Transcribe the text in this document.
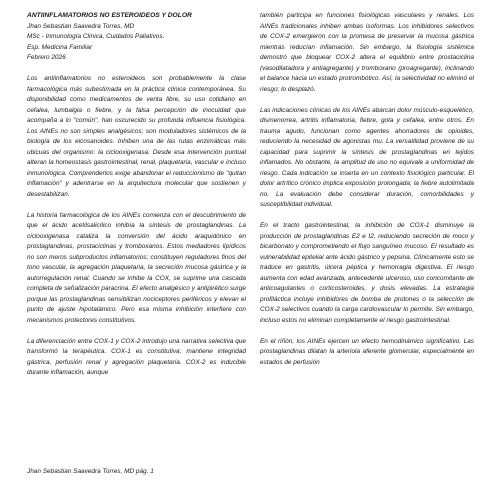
ANTIINFLAMATORIOS NO ESTEROIDEOS Y DOLOR

Jhan Sebastian Saavedra Torres, MD

MSc - Inmunología Clínica, Cuidados Paliativos.

Esp. Medicina Familiar

Febrero 2026

Los antiinflamatorios no esteroideos son probablemente la clase farmacológica más subestimada en la práctica clínica contemporánea. Su disponibilidad como medicamentos de venta libre, su uso cotidiano en cefalea, lumbalgia o fiebre, y la falsa percepción de inocuidad que acompaña a lo "común", han oscurecido su profunda influencia fisiológica. Los AINEs no son simples analgésicos; son moduladores sistémicos de la biología de los eicosanoides. Inhiben una de las rutas enzimáticas más ubicuas del organismo: la ciclooxigenasa. Desde esa intervención puntual alteran la homeostasis gastrointestinal, renal, plaquetaria, vascular e incluso inmunológica. Comprenderlos exige abandonar el reduccionismo de "quitan inflamación" y adentrarse en la arquitectura molecular que sostienen y desestabilizan.

La historia farmacológica de los AINEs comienza con el descubrimiento de que el ácido acetilsalicílico inhibía la síntesis de prostaglandinas. La ciclooxigenasa cataliza la conversión del ácido araquidónico en prostaglandinas, prostaciclinas y tromboxanos. Estos mediadores lipídicos no son meros subproductos inflamatorios; constituyen reguladores finos del tono vascular, la agregación plaquetaria, la secreción mucosa gástrica y la autorregulación renal. Cuando se inhibe la COX, se suprime una cascada completa de señalización paracrina. El efecto analgésico y antipirético surge porque las prostaglandinas sensibilizan nociceptores periféricos y elevan el punto de ajuste hipotalámico. Pero esa misma inhibición interfiere con mecanismos protectores constitutivos.

La diferenciación entre COX-1 y COX-2 introdujo una narrativa selectiva que transformó la terapéutica. COX-1 es constitutiva; mantiene integridad gástrica, perfusión renal y agregación plaquetaria. COX-2 es inducible durante inflamación, aunque

también participa en funciones fisiológicas vasculares y renales. Los AINEs tradicionales inhiben ambas isoformas. Los inhibidores selectivos de COX-2 emergieron con la promesa de preservar la mucosa gástrica mientras reducían inflamación. Sin embargo, la fisiología sistémica demostró que bloquear COX-2 altera el equilibrio entre prostaciclina (vasodilatadora y antiagregante) y tromboxano (proagregante), inclinando el balance hacia un estado protrombótico. Así, la selectividad no eliminó el riesgo; lo desplazó.

Las indicaciones clínicas de los AINEs abarcan dolor músculo-esquelético, dismenorrea, artritis inflamatoria, fiebre, gota y cefalea, entre otros. En trauma agudo, funcionan como agentes ahorradores de opioides, reduciendo la necesidad de agonistas mu. La versatilidad proviene de su capacidad para suprimir la síntesis de prostaglandinas en tejidos inflamados. No obstante, la amplitud de uso no equivale a uniformidad de riesgo. Cada indicación se inserta en un contexto fisiológico particular. El dolor artrítico crónico implica exposición prolongada; la fiebre autolimitada no. La evaluación debe considerar duración, comorbilidades y susceptibilidad individual.

En el tracto gastrointestinal, la inhibición de COX-1 disminuye la producción de prostaglandinas E2 e I2, reduciendo secreción de moco y bicarbonato y comprometiendo el flujo sanguíneo mucoso. El resultado es vulnerabilidad epitelial ante ácido gástrico y pepsina. Clínicamente esto se traduce en gastritis, úlcera péptica y hemorragia digestiva. El riesgo aumenta con edad avanzada, antecedente ulceroso, uso concomitante de anticoagulantes o corticosteroides, y dosis elevadas. La estrategia profiláctica incluye inhibidores de bomba de protones o la selección de COX-2 selectivos cuando la carga cardiovascular lo permite. Sin embargo, incluso estos no eliminan completamente el riesgo gastrointestinal.

En el riñón, los AINEs ejercen un efecto hemodinámico significativo. Las prostaglandinas dilatan la arteriola aferente glomerular, especialmente en estados de perfusión

Jhan Sebastian Saavedra Torres, MD pág. 1
